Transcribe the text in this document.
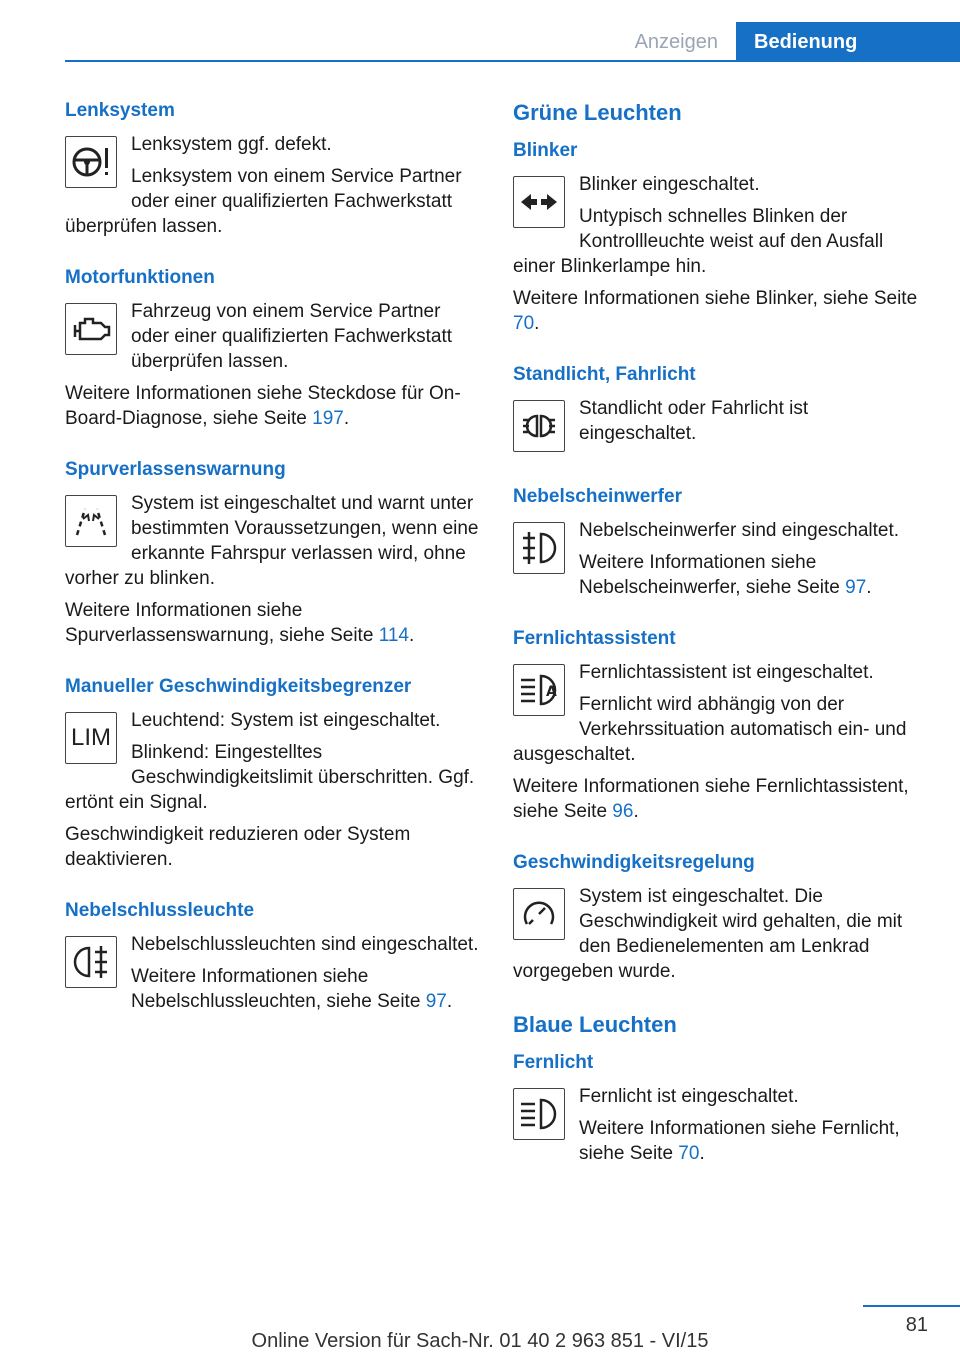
Anzeigen	Bedienung
Lenksystem

Lenksystem ggf. defekt.

Lenksystem von einem Service Partner oder einer qualifizierten Fachwerkstatt überprüfen lassen.

Motorfunktionen

Fahrzeug von einem Service Partner oder einer qualifizierten Fachwerkstatt überprüfen lassen.

Weitere Informationen siehe Steckdose für On-Board-Diagnose, siehe Seite 197.

Spurverlassenswarnung

System ist eingeschaltet und warnt unter bestimmten Voraussetzungen, wenn eine erkannte Fahrspur verlassen wird, ohne vorher zu blinken.

Weitere Informationen siehe Spurverlassenswarnung, siehe Seite 114.

Manueller Geschwindigkeitsbegrenzer
LIM

Leuchtend: System ist eingeschaltet.

Blinkend: Eingestelltes Geschwindigkeitslimit überschritten. Ggf. ertönt ein Signal.

Geschwindigkeit reduzieren oder System deaktivieren.

Nebelschlussleuchte

Nebelschlussleuchten sind eingeschaltet.

Weitere Informationen siehe Nebelschlussleuchten, siehe Seite 97.

Grüne Leuchten
Blinker

Blinker eingeschaltet.

Untypisch schnelles Blinken der Kontrollleuchte weist auf den Ausfall einer Blinkerlampe hin.

Weitere Informationen siehe Blinker, siehe Seite 70.

Standlicht, Fahrlicht

Standlicht oder Fahrlicht ist eingeschaltet.

Nebelscheinwerfer

Nebelscheinwerfer sind eingeschaltet.

Weitere Informationen siehe Nebelscheinwerfer, siehe Seite 97.

Fernlichtassistent
A

Fernlichtassistent ist eingeschaltet.

Fernlicht wird abhängig von der Verkehrssituation automatisch ein- und ausgeschaltet.

Weitere Informationen siehe Fernlichtassistent, siehe Seite 96.

Geschwindigkeitsregelung

System ist eingeschaltet. Die Geschwindigkeit wird gehalten, die mit den Bedienelementen am Lenkrad vorgegeben wurde.

Blaue Leuchten
Fernlicht

Fernlicht ist eingeschaltet.

Weitere Informationen siehe Fernlicht, siehe Seite 70.

81
Online Version für Sach-Nr. 01 40 2 963 851 - VI/15
